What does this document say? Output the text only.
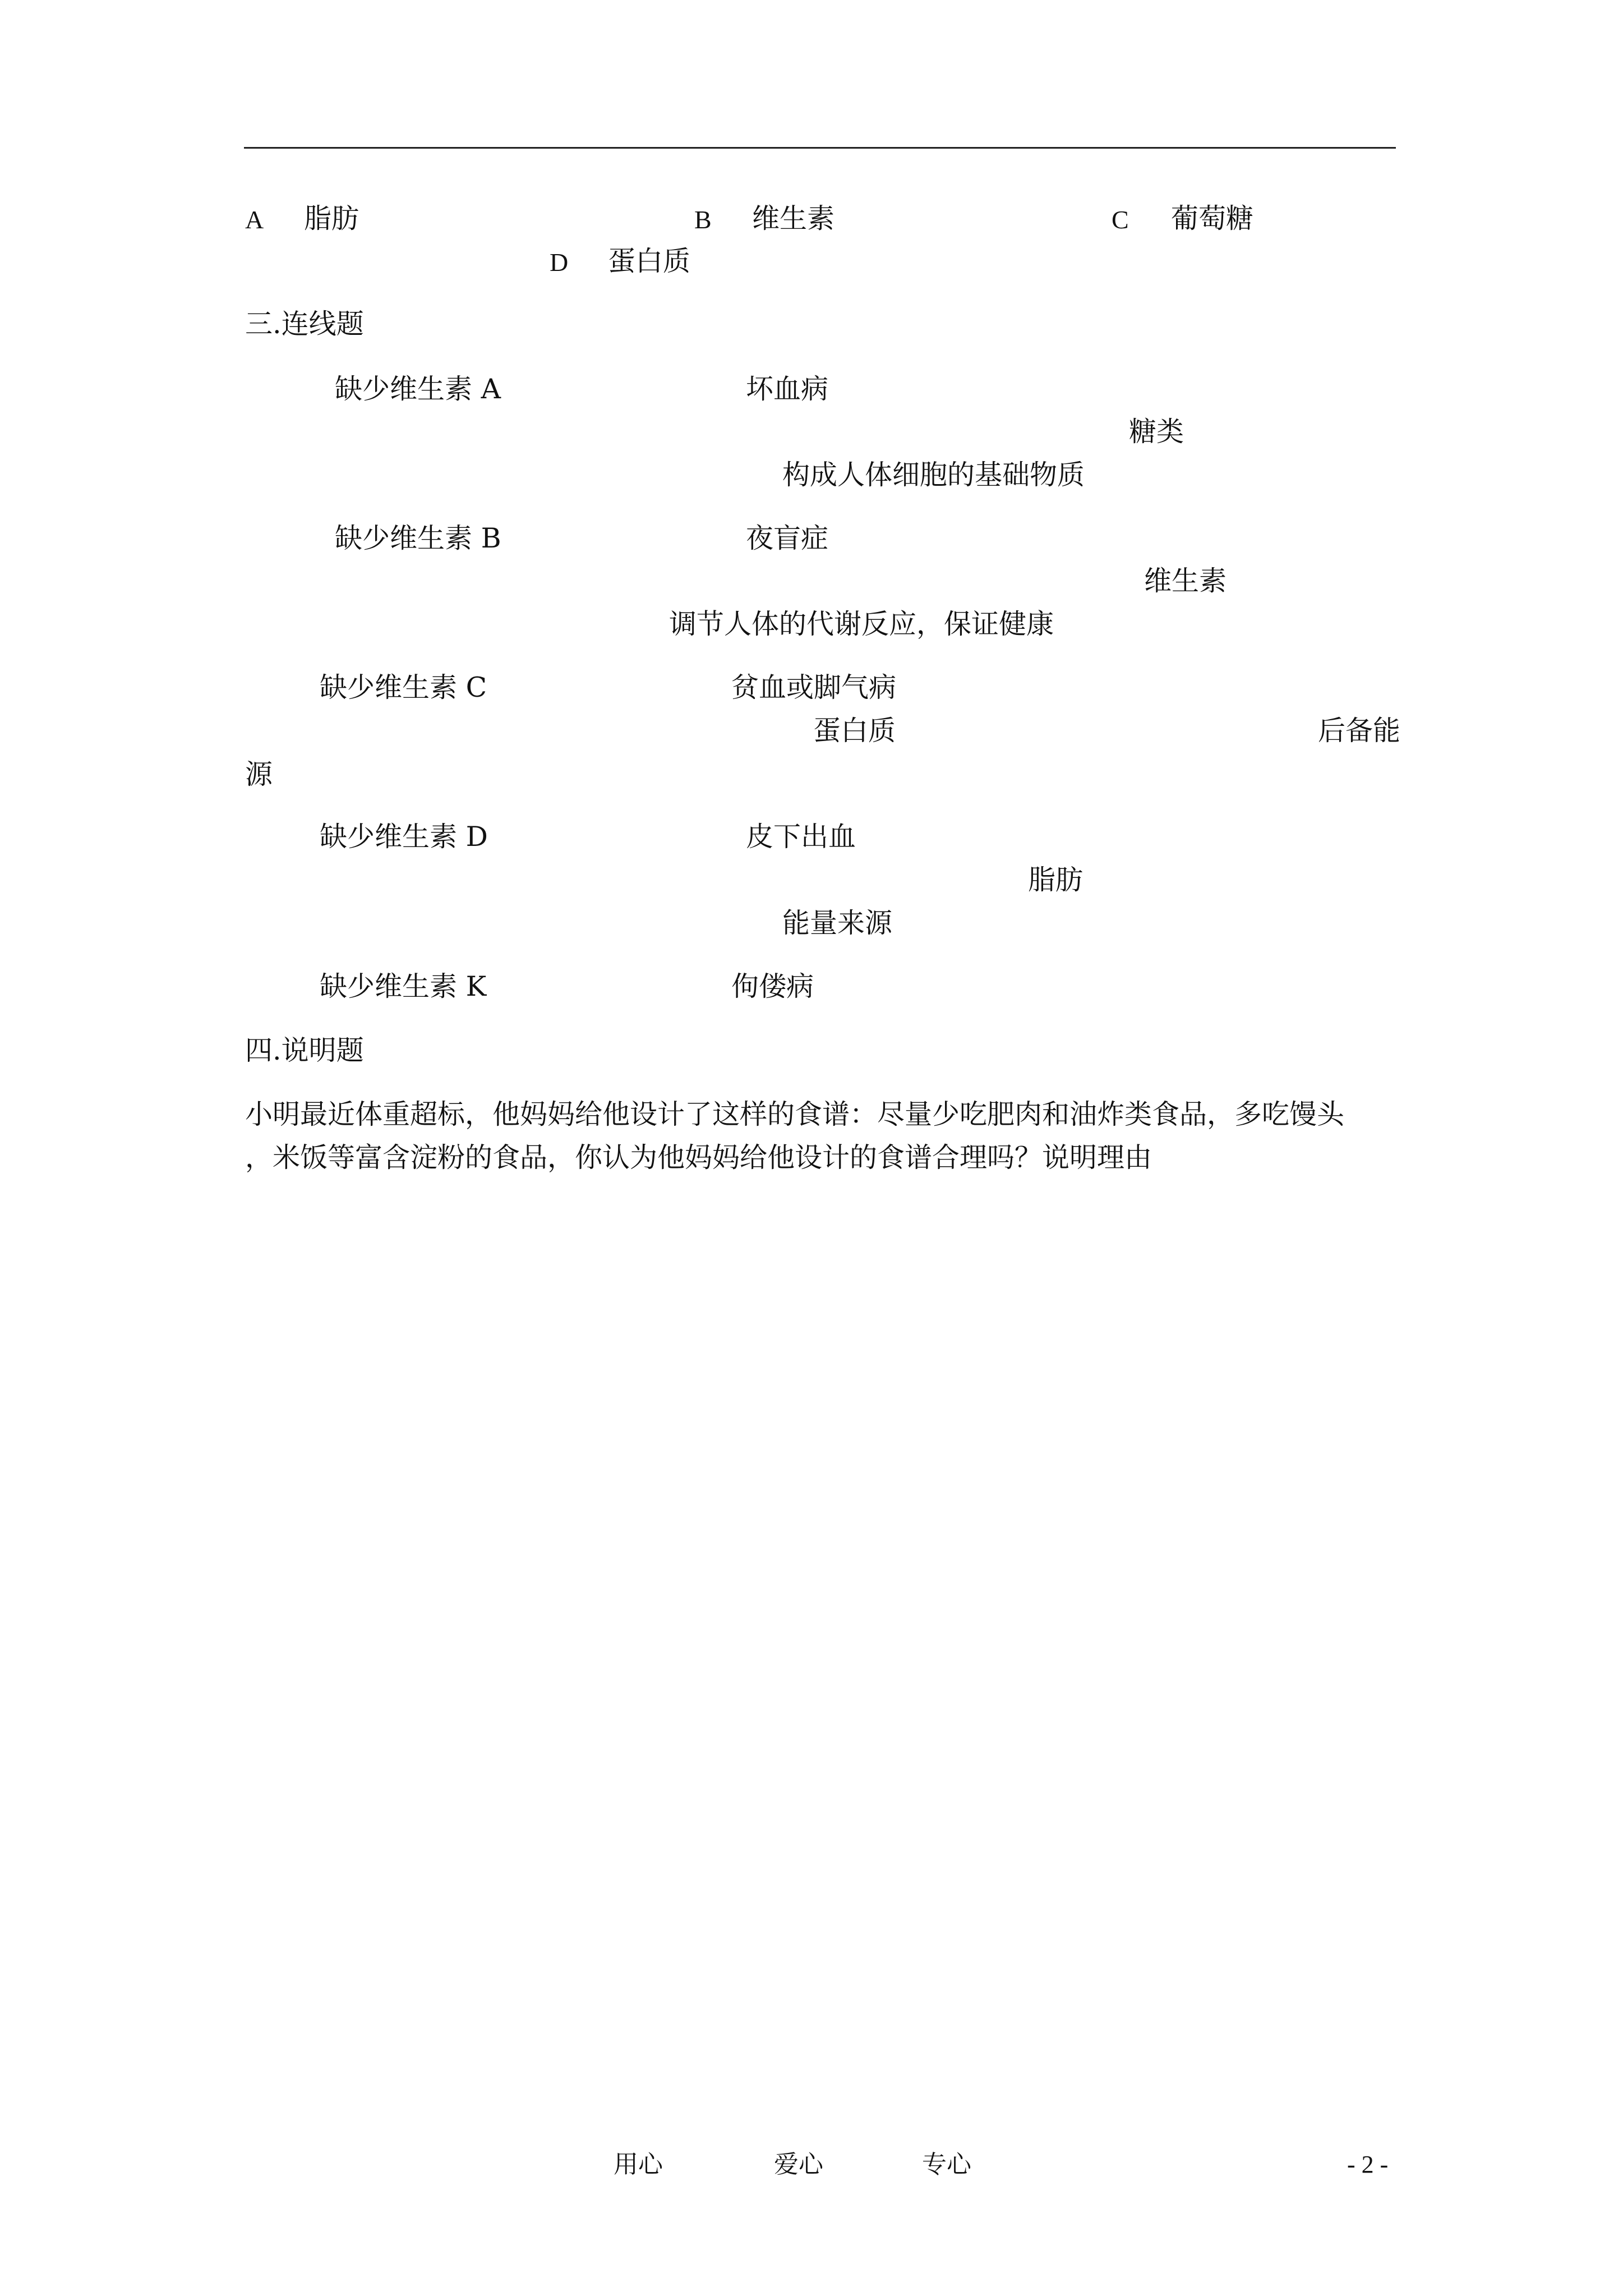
A 脂肪	B 维生素	C 葡萄糖
D 蛋白质
三.连线题
缺少维生素 A	坏血病
糖类
构成人体细胞的基础物质
缺少维生素 B	夜盲症
维生素
调节人体的代谢反应，保证健康
缺少维生素 C	贫血或脚气病
蛋白质	后备能
源
缺少维生素 D	皮下出血
脂肪
能量来源
缺少维生素 K	佝偻病
四.说明题
小明最近体重超标，他妈妈给他设计了这样的食谱：尽量少吃肥肉和油炸类食品，多吃馒头
，米饭等富含淀粉的食品，你认为他妈妈给他设计的食谱合理吗？说明理由
用心	爱心	专心	- 2 -
